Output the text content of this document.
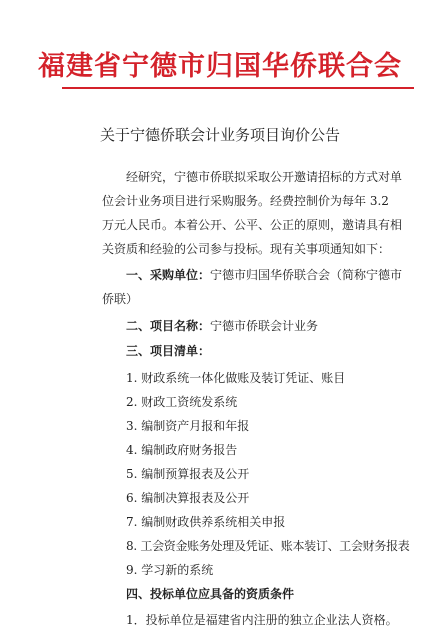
福建省宁德市归国华侨联合会
关于宁德侨联会计业务项目询价公告

经研究，宁德市侨联拟采取公开邀请招标的方式对单位会计业务项目进行采购服务。经费控制价为每年 3.2 万元人民币。本着公开、公平、公正的原则，邀请具有相关资质和经验的公司参与投标。现有关事项通知如下：

一、采购单位：宁德市归国华侨联合会（简称宁德市侨联）

二、项目名称：宁德市侨联会计业务

三、项目清单：

1. 财政系统一体化做账及装订凭证、账目

2. 财政工资统发系统

3. 编制资产月报和年报

4. 编制政府财务报告

5. 编制预算报表及公开

6. 编制决算报表及公开

7. 编制财政供养系统相关申报

8. 工会资金账务处理及凭证、账本装订、工会财务报表

9. 学习新的系统

四、投标单位应具备的资质条件

1．投标单位是福建省内注册的独立企业法人资格。
